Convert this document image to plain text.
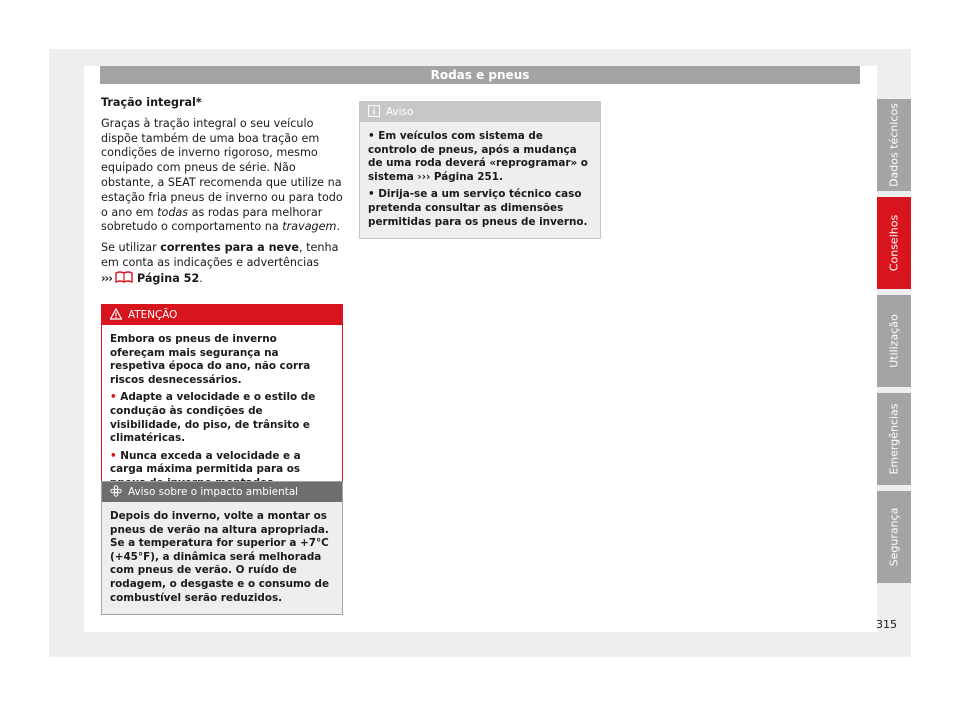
Rodas e pneus

Tração integral*

Graças à tração integral o seu veículo dispõe também de uma boa tração em condições de inverno rigoroso, mesmo equipado com pneus de série. Não obstante, a SEAT recomenda que utilize na estação fria pneus de inverno ou para todo o ano em todas as rodas para melhorar sobretudo o comportamento na travagem.

Se utilizar correntes para a neve, tenha em conta as indicações e advertências
››› Página 52.

ATENÇÃO

Embora os pneus de inverno ofereçam mais segurança na respetiva época do ano, não corra riscos desnecessários.

• Adapte a velocidade e o estilo de condução às condições de visibilidade, do piso, de trânsito e climatéricas.

• Nunca exceda a velocidade e a carga máxima permitida para os

Aviso sobre o impacto ambiental

Depois do inverno, volte a montar os pneus de verão na altura apropriada. Se a temperatura for superior a +7°C (+45°F), a dinâmica será melhorada com pneus de verão. O ruído de rodagem, o desgaste e o consumo de combustível serão reduzidos.

Aviso

• Em veículos com sistema de controlo de pneus, após a mudança de uma roda deverá «reprogramar» o sistema ››› Página 251.

• Dirija-se a um serviço técnico caso pretenda consultar as dimensões permitidas para os pneus de inverno.

Dados técnicos
Conselhos
Utilização
Emergências
Segurança
315
